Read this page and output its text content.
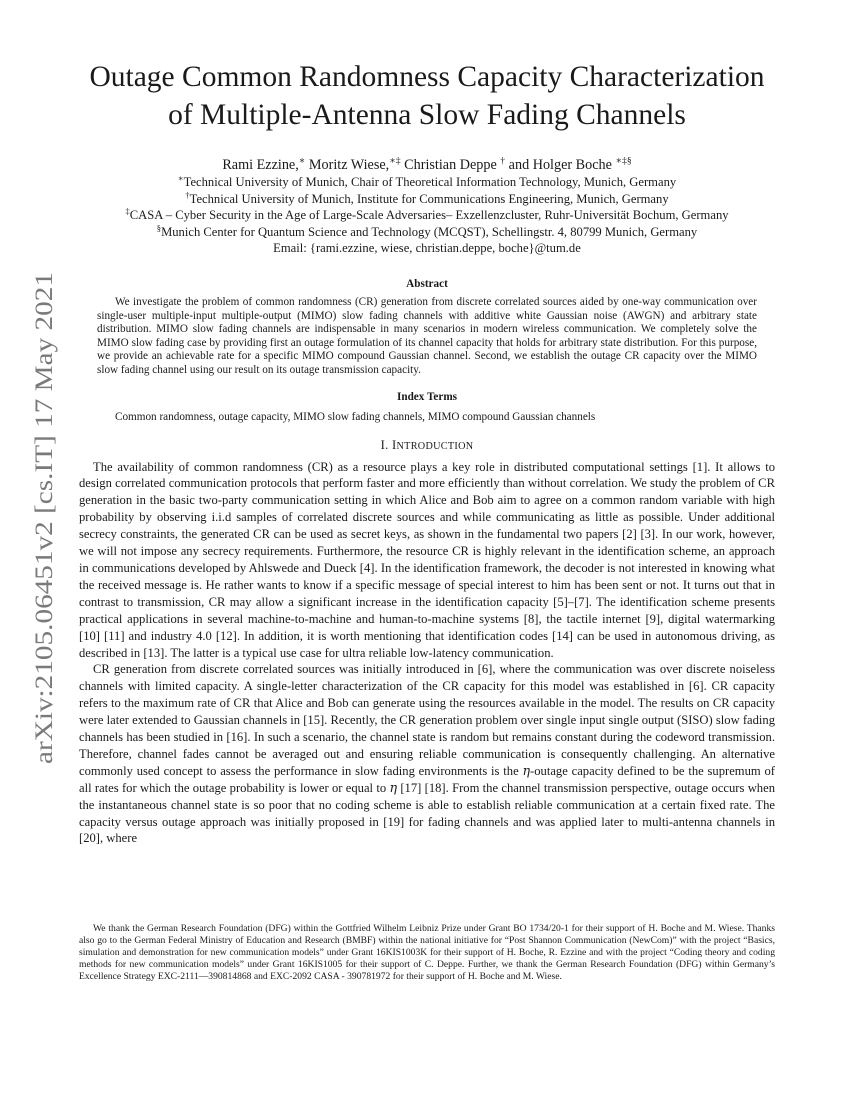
arXiv:2105.06451v2 [cs.IT] 17 May 2021
Outage Common Randomness Capacity Characterization of Multiple-Antenna Slow Fading Channels
Rami Ezzine,∗ Moritz Wiese,∗‡ Christian Deppe † and Holger Boche ∗‡§
∗Technical University of Munich, Chair of Theoretical Information Technology, Munich, Germany
†Technical University of Munich, Institute for Communications Engineering, Munich, Germany
‡CASA – Cyber Security in the Age of Large-Scale Adversaries– Exzellenzcluster, Ruhr-Universität Bochum, Germany
§Munich Center for Quantum Science and Technology (MCQST), Schellingstr. 4, 80799 Munich, Germany
Email: {rami.ezzine, wiese, christian.deppe, boche}@tum.de
Abstract

We investigate the problem of common randomness (CR) generation from discrete correlated sources aided by one-way communication over single-user multiple-input multiple-output (MIMO) slow fading channels with additive white Gaussian noise (AWGN) and arbitrary state distribution. MIMO slow fading channels are indispensable in many scenarios in modern wireless communication. We completely solve the MIMO slow fading case by providing first an outage formulation of its channel capacity that holds for arbitrary state distribution. For this purpose, we provide an achievable rate for a specific MIMO compound Gaussian channel. Second, we establish the outage CR capacity over the MIMO slow fading channel using our result on its outage transmission capacity.

Index Terms

Common randomness, outage capacity, MIMO slow fading channels, MIMO compound Gaussian channels

I. INTRODUCTION

The availability of common randomness (CR) as a resource plays a key role in distributed computational settings [1]. It allows to design correlated communication protocols that perform faster and more efficiently than without correlation. We study the problem of CR generation in the basic two-party communication setting in which Alice and Bob aim to agree on a common random variable with high probability by observing i.i.d samples of correlated discrete sources and while communicating as little as possible. Under additional secrecy constraints, the generated CR can be used as secret keys, as shown in the fundamental two papers [2] [3]. In our work, however, we will not impose any secrecy requirements. Furthermore, the resource CR is highly relevant in the identification scheme, an approach in communications developed by Ahlswede and Dueck [4]. In the identification framework, the decoder is not interested in knowing what the received message is. He rather wants to know if a specific message of special interest to him has been sent or not. It turns out that in contrast to transmission, CR may allow a significant increase in the identification capacity [5]–[7]. The identification scheme presents practical applications in several machine-to-machine and human-to-machine systems [8], the tactile internet [9], digital watermarking [10] [11] and industry 4.0 [12]. In addition, it is worth mentioning that identification codes [14] can be used in autonomous driving, as described in [13]. The latter is a typical use case for ultra reliable low-latency communication.

CR generation from discrete correlated sources was initially introduced in [6], where the communication was over discrete noiseless channels with limited capacity. A single-letter characterization of the CR capacity for this model was established in [6]. CR capacity refers to the maximum rate of CR that Alice and Bob can generate using the resources available in the model. The results on CR capacity were later extended to Gaussian channels in [15]. Recently, the CR generation problem over single input single output (SISO) slow fading channels has been studied in [16]. In such a scenario, the channel state is random but remains constant during the codeword transmission. Therefore, channel fades cannot be averaged out and ensuring reliable communication is consequently challenging. An alternative commonly used concept to assess the performance in slow fading environments is the η-outage capacity defined to be the supremum of all rates for which the outage probability is lower or equal to η [17] [18]. From the channel transmission perspective, outage occurs when the instantaneous channel state is so poor that no coding scheme is able to establish reliable communication at a certain fixed rate. The capacity versus outage approach was initially proposed in [19] for fading channels and was applied later to multi-antenna channels in [20], where

We thank the German Research Foundation (DFG) within the Gottfried Wilhelm Leibniz Prize under Grant BO 1734/20-1 for their support of H. Boche and M. Wiese. Thanks also go to the German Federal Ministry of Education and Research (BMBF) within the national initiative for “Post Shannon Communication (NewCom)” with the project “Basics, simulation and demonstration for new communication models” under Grant 16KIS1003K for their support of H. Boche, R. Ezzine and with the project “Coding theory and coding methods for new communication models” under Grant 16KIS1005 for their support of C. Deppe. Further, we thank the German Research Foundation (DFG) within Germany’s Excellence Strategy EXC-2111—390814868 and EXC-2092 CASA - 390781972 for their support of H. Boche and M. Wiese.
